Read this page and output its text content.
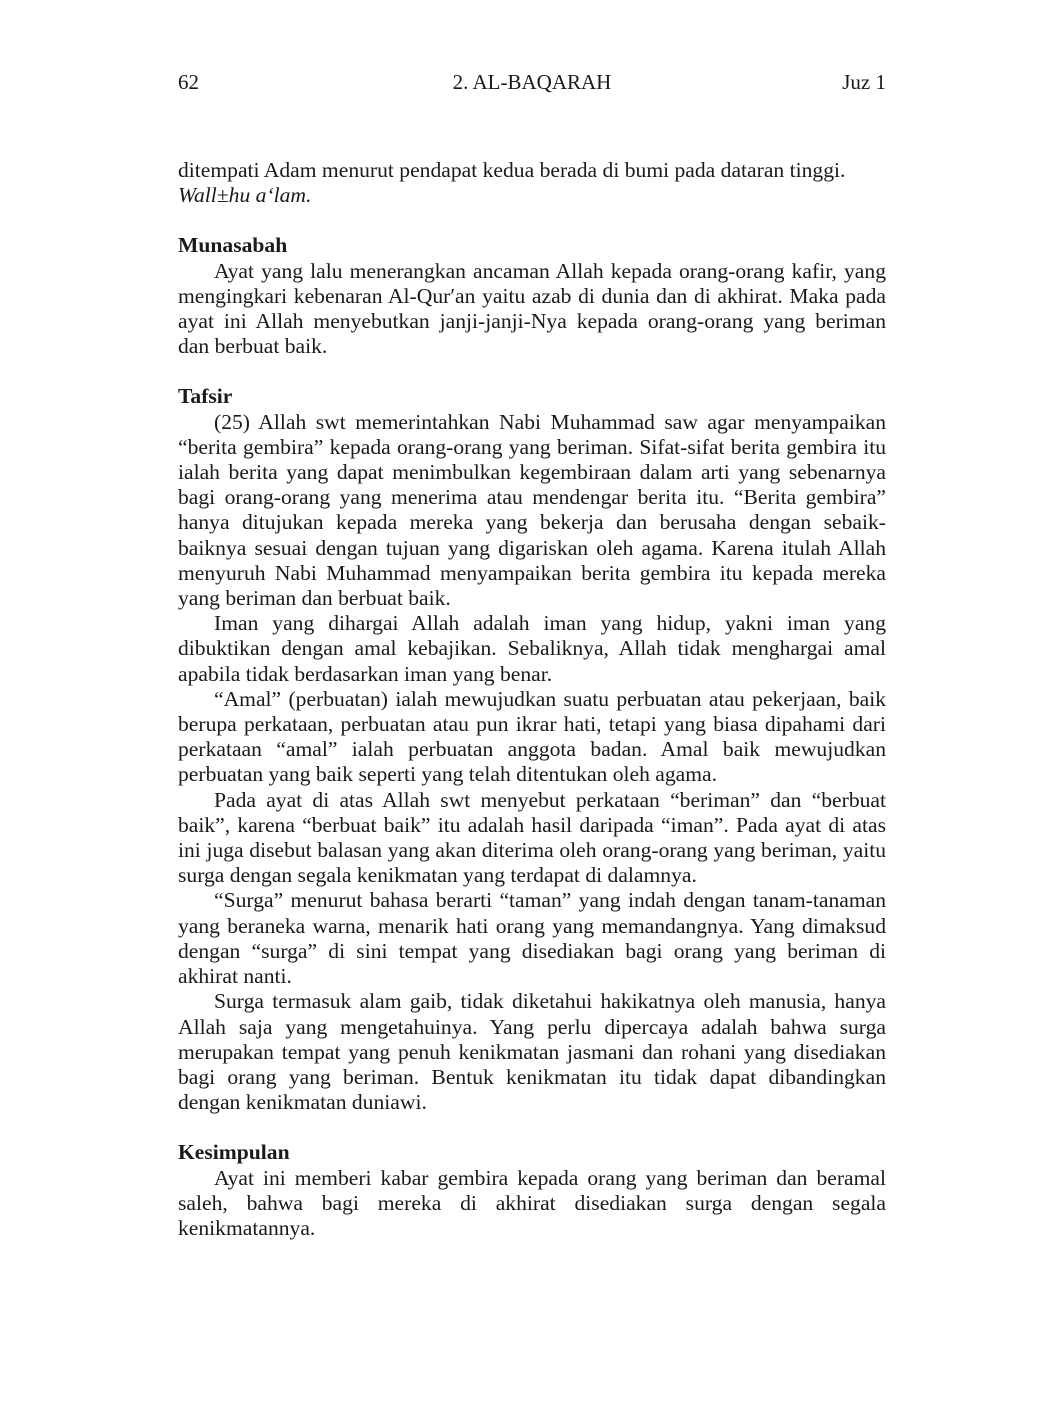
62	2. AL-BAQARAH	Juz 1

ditempati Adam menurut pendapat kedua berada di bumi pada dataran tinggi.
Wall±hu a‘lam.

Munasabah

Ayat yang lalu menerangkan ancaman Allah kepada orang-orang kafir, yang mengingkari kebenaran Al-Qur′an yaitu azab di dunia dan di akhirat. Maka pada ayat ini Allah menyebutkan janji-janji-Nya kepada orang-orang yang beriman dan berbuat baik.

Tafsir

(25) Allah swt memerintahkan Nabi Muhammad saw agar menyampaikan “berita gembira” kepada orang-orang yang beriman. Sifat-sifat berita gembira itu ialah berita yang dapat menimbulkan kegembiraan dalam arti yang sebenarnya bagi orang-orang yang menerima atau mendengar berita itu. “Berita gembira” hanya ditujukan kepada mereka yang bekerja dan berusaha dengan sebaik-baiknya sesuai dengan tujuan yang digariskan oleh agama. Karena itulah Allah menyuruh Nabi Muhammad menyampaikan berita gembira itu kepada mereka yang beriman dan berbuat baik.

Iman yang dihargai Allah adalah iman yang hidup, yakni iman yang dibuktikan dengan amal kebajikan. Sebaliknya, Allah tidak menghargai amal apabila tidak berdasarkan iman yang benar.

“Amal” (perbuatan) ialah mewujudkan suatu perbuatan atau pekerjaan, baik berupa perkataan, perbuatan atau pun ikrar hati, tetapi yang biasa dipahami dari perkataan “amal” ialah perbuatan anggota badan. Amal baik mewujudkan perbuatan yang baik seperti yang telah ditentukan oleh agama.

Pada ayat di atas Allah swt menyebut perkataan “beriman” dan “berbuat baik”, karena “berbuat baik” itu adalah hasil daripada “iman”. Pada ayat di atas ini juga disebut balasan yang akan diterima oleh orang-orang yang beriman, yaitu surga dengan segala kenikmatan yang terdapat di dalamnya.

“Surga” menurut bahasa berarti “taman” yang indah dengan tanam-tanaman yang beraneka warna, menarik hati orang yang memandangnya. Yang dimaksud dengan “surga” di sini tempat yang disediakan bagi orang yang beriman di akhirat nanti.

Surga termasuk alam gaib, tidak diketahui hakikatnya oleh manusia, hanya Allah saja yang mengetahuinya. Yang perlu dipercaya adalah bahwa surga merupakan tempat yang penuh kenikmatan jasmani dan rohani yang disediakan bagi orang yang beriman. Bentuk kenikmatan itu tidak dapat dibandingkan dengan kenikmatan duniawi.

Kesimpulan

Ayat ini memberi kabar gembira kepada orang yang beriman dan beramal saleh, bahwa bagi mereka di akhirat disediakan surga dengan segala kenikmatannya.
